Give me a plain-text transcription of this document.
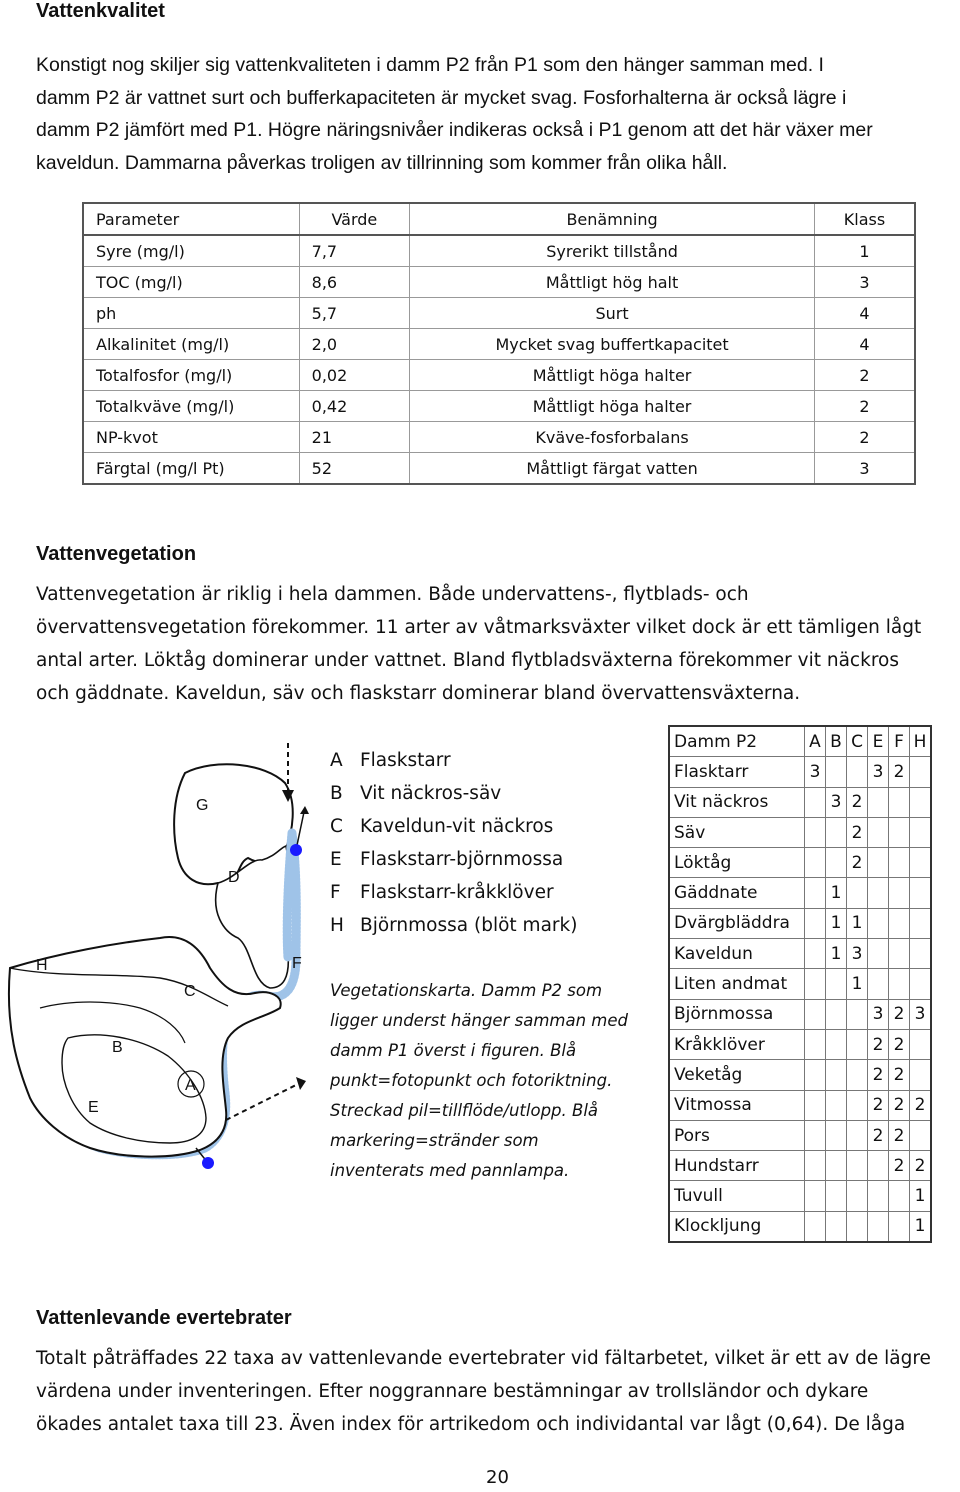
Vattenkvalitet
Konstigt nog skiljer sig vattenkvaliteten i damm P2 från P1 som den hänger samman med. I
damm P2 är vattnet surt och bufferkapaciteten är mycket svag. Fosforhalterna är också lägre i
damm P2 jämfört med P1. Högre näringsnivåer indikeras också i P1 genom att det här växer mer
kaveldun. Dammarna påverkas troligen av tillrinning som kommer från olika håll.
Parameter	Värde	Benämning	Klass
Syre (mg/l)	7,7	Syrerikt tillstånd	1
TOC (mg/l)	8,6	Måttligt hög halt	3
ph	5,7	Surt	4
Alkalinitet (mg/l)	2,0	Mycket svag buffertkapacitet	4
Totalfosfor (mg/l)	0,02	Måttligt höga halter	2
Totalkväve (mg/l)	0,42	Måttligt höga halter	2
NP-kvot	21	Kväve-fosforbalans	2
Färgtal (mg/l Pt)	52	Måttligt färgat vatten	3
Vattenvegetation
Vattenvegetation är riklig i hela dammen. Både undervattens-, flytblads- och
övervattensvegetation förekommer. 11 arter av våtmarksväxter vilket dock är ett tämligen lågt
antal arter. Löktåg dominerar under vattnet. Bland flytbladsväxterna förekommer vit näckros
och gäddnate. Kaveldun, säv och flaskstarr dominerar bland övervattensväxterna.
G
D
H
C
F
B
A
E
A Flaskstarr
B Vit näckros-säv
C Kaveldun-vit näckros
E Flaskstarr-björnmossa
F Flaskstarr-kråkklöver
H Björnmossa (blöt mark)
Vegetationskarta. Damm P2 som
ligger underst hänger samman med
damm P1 överst i figuren. Blå
punkt=fotopunkt och fotoriktning.
Streckad pil=tillflöde/utlopp. Blå
markering=stränder som
inventerats med pannlampa.
Damm P2	A	B	C	E	F	H
Flasktarr	3			3	2	
Vit näckros		3	2			
Säv			2			
Löktåg			2			
Gäddnate		1				
Dvärgbläddra		1	1			
Kaveldun		1	3			
Liten andmat			1			
Björnmossa				3	2	3
Kråkklöver				2	2	
Veketåg				2	2	
Vitmossa				2	2	2
Pors				2	2	
Hundstarr					2	2
Tuvull						1
Klockljung						1
Vattenlevande evertebrater
Totalt påträffades 22 taxa av vattenlevande evertebrater vid fältarbetet, vilket är ett av de lägre
värdena under inventeringen. Efter noggrannare bestämningar av trollsländor och dykare
ökades antalet taxa till 23. Även index för artrikedom och individantal var lågt (0,64). De låga
20
